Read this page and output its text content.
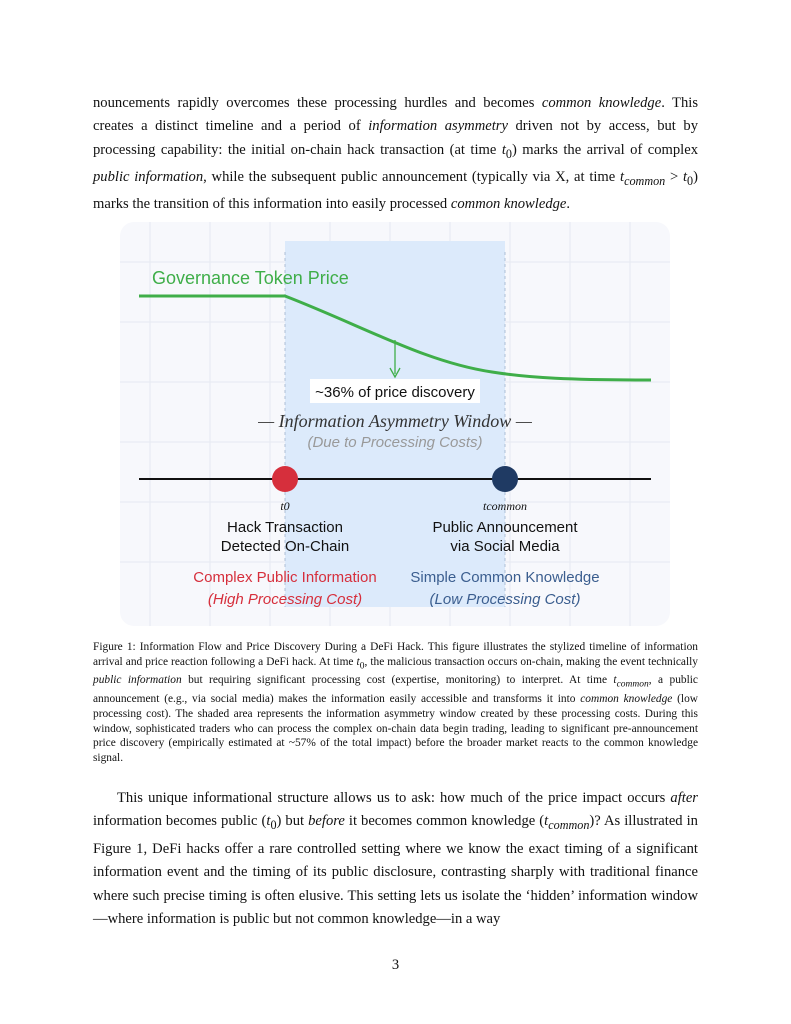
nouncements rapidly overcomes these processing hurdles and becomes common knowledge. This creates a distinct timeline and a period of information asymmetry driven not by access, but by processing capability: the initial on-chain hack transaction (at time $t_0$) marks the arrival of complex public information, while the subsequent public announcement (typically via X, at time $t_{common} > t_0$) marks the transition of this information into easily processed common knowledge.
Governance Token Price
~36% of price discovery
— Information Asymmetry Window —
(Due to Processing Costs)
t0	tcommon
Hack Transaction
Detected On-Chain
Public Announcement
via Social Media
Complex Public Information
(High Processing Cost)
Simple Common Knowledge
(Low Processing Cost)
Figure 1: Information Flow and Price Discovery During a DeFi Hack. This figure illustrates the stylized timeline of information arrival and price reaction following a DeFi hack. At time $t_0$, the malicious transaction occurs on-chain, making the event technically public information but requiring significant processing cost (expertise, monitoring) to interpret. At time $t_{common}$, a public announcement (e.g., via social media) makes the information easily accessible and transforms it into common knowledge (low processing cost). The shaded area represents the information asymmetry window created by these processing costs. During this window, sophisticated traders who can process the complex on-chain data begin trading, leading to significant pre-announcement price discovery (empirically estimated at ~57% of the total impact) before the broader market reacts to the common knowledge signal.
This unique informational structure allows us to ask: how much of the price impact occurs after information becomes public $(t_0)$ but before it becomes common knowledge $(t_{common})$? As illustrated in Figure 1, DeFi hacks offer a rare controlled setting where we know the exact timing of a significant information event and the timing of its public disclosure, contrasting sharply with traditional finance where such precise timing is often elusive. This setting lets us isolate the ‘hidden’ information window—where information is public but not common knowledge—in a way
3
